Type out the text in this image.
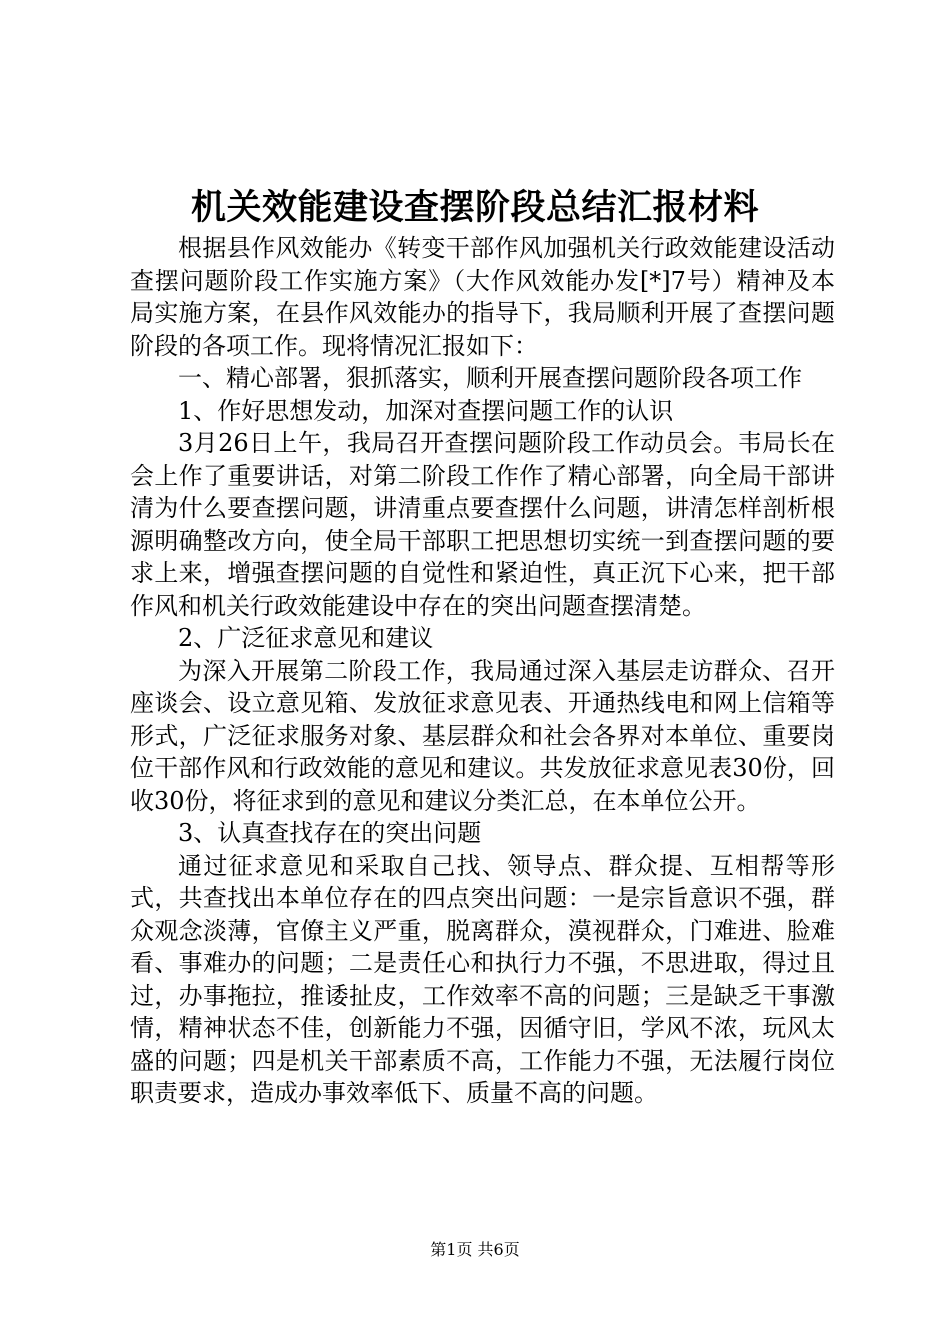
机关效能建设查摆阶段总结汇报材料

根据县作风效能办《转变干部作风加强机关行政效能建设活动查摆问题阶段工作实施方案》（大作风效能办发[*]7号）精神及本局实施方案，在县作风效能办的指导下，我局顺利开展了查摆问题阶段的各项工作。现将情况汇报如下：

一、精心部署，狠抓落实，顺利开展查摆问题阶段各项工作

1、作好思想发动，加深对查摆问题工作的认识

3月26日上午，我局召开查摆问题阶段工作动员会。韦局长在会上作了重要讲话，对第二阶段工作作了精心部署，向全局干部讲清为什么要查摆问题，讲清重点要查摆什么问题，讲清怎样剖析根源明确整改方向，使全局干部职工把思想切实统一到查摆问题的要求上来，增强查摆问题的自觉性和紧迫性，真正沉下心来，把干部作风和机关行政效能建设中存在的突出问题查摆清楚。

2、广泛征求意见和建议

为深入开展第二阶段工作，我局通过深入基层走访群众、召开座谈会、设立意见箱、发放征求意见表、开通热线电和网上信箱等形式，广泛征求服务对象、基层群众和社会各界对本单位、重要岗位干部作风和行政效能的意见和建议。共发放征求意见表30份，回收30份，将征求到的意见和建议分类汇总，在本单位公开。

3、认真查找存在的突出问题

通过征求意见和采取自己找、领导点、群众提、互相帮等形式，共查找出本单位存在的四点突出问题：一是宗旨意识不强，群众观念淡薄，官僚主义严重，脱离群众，漠视群众，门难进、脸难看、事难办的问题；二是责任心和执行力不强，不思进取，得过且过，办事拖拉，推诿扯皮，工作效率不高的问题；三是缺乏干事激情，精神状态不佳，创新能力不强，因循守旧，学风不浓，玩风太盛的问题；四是机关干部素质不高，工作能力不强，无法履行岗位职责要求，造成办事效率低下、质量不高的问题。

第1页 共6页
